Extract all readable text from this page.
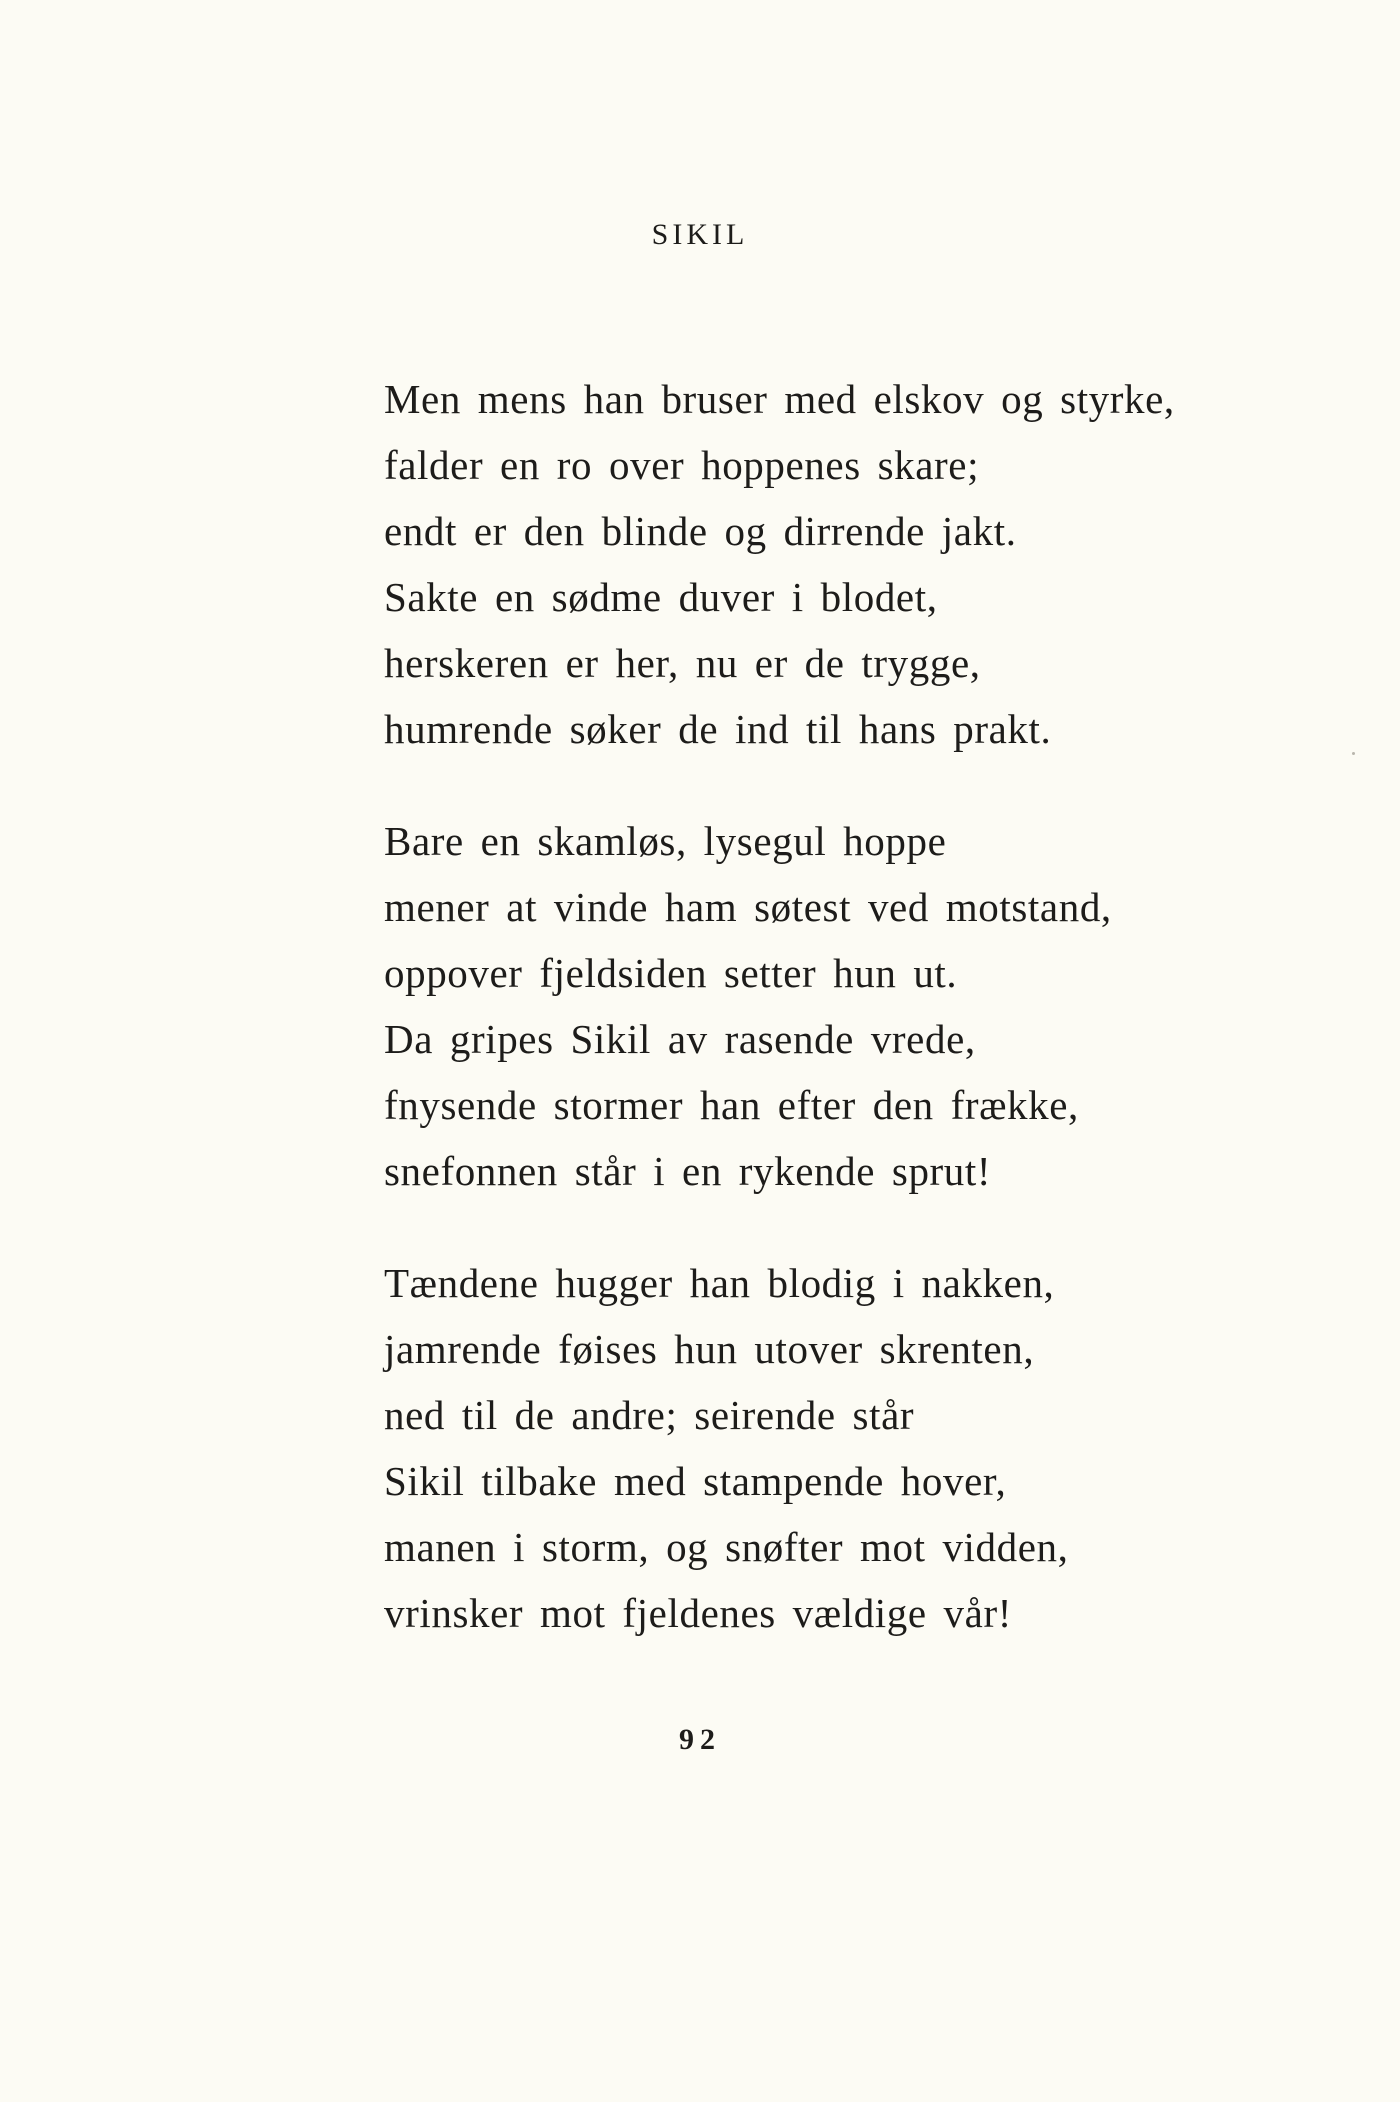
SIKIL
Men mens han bruser med elskov og styrke,
falder en ro over hoppenes skare;
endt er den blinde og dirrende jakt.
Sakte en sødme duver i blodet,
herskeren er her, nu er de trygge,
humrende søker de ind til hans prakt.
Bare en skamløs, lysegul hoppe
mener at vinde ham søtest ved motstand,
oppover fjeldsiden setter hun ut.
Da gripes Sikil av rasende vrede,
fnysende stormer han efter den frække,
snefonnen står i en rykende sprut!
Tændene hugger han blodig i nakken,
jamrende føises hun utover skrenten,
ned til de andre; seirende står
Sikil tilbake med stampende hover,
manen i storm, og snøfter mot vidden,
vrinsker mot fjeldenes vældige vår!
92
